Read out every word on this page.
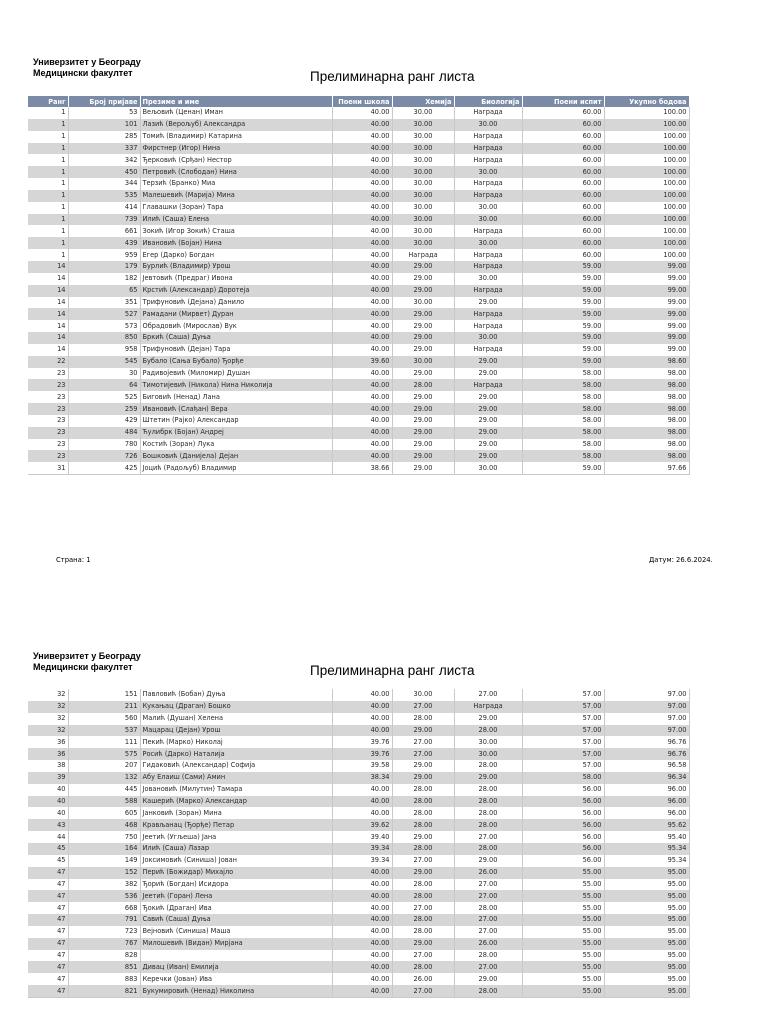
Универзитет у Београду
Медицински факултет	Прелиминарна ранг листа
Ранг	Број пријаве	Презиме и име	Поени школа	Хемија	Биологија	Поени испит	Укупно бодова
1	53	Вељовић (Ценан) Иман	40.00	30.00	Награда	60.00	100.00
1	101	Лазић (Верољуб) Александра	40.00	30.00	30.00	60.00	100.00
1	285	Томић (Владимир) Катарина	40.00	30.00	Награда	60.00	100.00
1	337	Фирстнер (Игор) Нина	40.00	30.00	Награда	60.00	100.00
1	342	Ђерковић (Срђан) Нестор	40.00	30.00	Награда	60.00	100.00
1	450	Петровић (Слободан) Нина	40.00	30.00	30.00	60.00	100.00
1	344	Терзић (Бранко) Миа	40.00	30.00	Награда	60.00	100.00
1	535	Малешевић (Марија) Мина	40.00	30.00	Награда	60.00	100.00
1	414	Главашки (Зоран) Тара	40.00	30.00	30.00	60.00	100.00
1	739	Илић (Саша) Елена	40.00	30.00	30.00	60.00	100.00
1	661	Зокић (Игор Зокић) Сташа	40.00	30.00	Награда	60.00	100.00
1	439	Ивановић (Бојан) Нина	40.00	30.00	30.00	60.00	100.00
1	959	Егер (Дарко) Богдан	40.00	Награда	Награда	60.00	100.00
14	179	Бурлић (Владимир) Урош	40.00	29.00	Награда	59.00	99.00
14	182	Јевтовић (Предраг) Ивона	40.00	29.00	30.00	59.00	99.00
14	65	Крстић (Александар) Доротеја	40.00	29.00	Награда	59.00	99.00
14	351	Трифуновић (Дејана) Данило	40.00	30.00	29.00	59.00	99.00
14	527	Рамадани (Мирвет) Дуран	40.00	29.00	Награда	59.00	99.00
14	573	Обрадовић (Мирослав) Вук	40.00	29.00	Награда	59.00	99.00
14	850	Бркић (Саша) Дуња	40.00	29.00	30.00	59.00	99.00
14	958	Трифуновић (Дејан) Тара	40.00	29.00	Награда	59.00	99.00
22	545	Бубало (Сања Бубало) Ђорђе	39.60	30.00	29.00	59.00	98.60
23	30	Радивојевић (Миломир) Душан	40.00	29.00	29.00	58.00	98.00
23	64	Тимотијевић (Никола) Нина Николија	40.00	28.00	Награда	58.00	98.00
23	525	Биговић (Ненад) Лана	40.00	29.00	29.00	58.00	98.00
23	259	Ивановић (Слађан) Вера	40.00	29.00	29.00	58.00	98.00
23	429	Штетин (Рајко) Александар	40.00	29.00	29.00	58.00	98.00
23	484	Ћулибрк (Бојан) Андреј	40.00	29.00	29.00	58.00	98.00
23	780	Костић (Зоран) Лука	40.00	29.00	29.00	58.00	98.00
23	726	Бошковић (Данијела) Дејан	40.00	29.00	29.00	58.00	98.00
31	425	Јоцић (Радољуб) Владимир	38.66	29.00	30.00	59.00	97.66
Страна: 1	Датум: 26.6.2024.
Универзитет у Београду
Медицински факултет	Прелиминарна ранг листа
32	151	Павловић (Бобан) Дуња	40.00	30.00	27.00	57.00	97.00
32	211	Кукањац (Драган) Бошко	40.00	27.00	Награда	57.00	97.00
32	560	Малић (Душан) Хелена	40.00	28.00	29.00	57.00	97.00
32	537	Мацарац (Дејан) Урош	40.00	29.00	28.00	57.00	97.00
36	111	Пекић (Марко) Николај	39.76	27.00	30.00	57.00	96.76
36	575	Росић (Дарко) Наталија	39.76	27.00	30.00	57.00	96.76
38	207	Гидаковић (Александар) Софија	39.58	29.00	28.00	57.00	96.58
39	132	Абу Елаиш (Сами) Амин	38.34	29.00	29.00	58.00	96.34
40	445	Јовановић (Милутин) Тамара	40.00	28.00	28.00	56.00	96.00
40	588	Кашерић (Марко) Александар	40.00	28.00	28.00	56.00	96.00
40	605	Јанковић (Зоран) Мина	40.00	28.00	28.00	56.00	96.00
43	468	Крављанац (Ђорђе) Петар	39.62	28.00	28.00	56.00	95.62
44	750	Јеетић (Угљеша) Јана	39.40	29.00	27.00	56.00	95.40
45	164	Илић (Саша) Лазар	39.34	28.00	28.00	56.00	95.34
45	149	Јоксимовић (Синиша) Јован	39.34	27.00	29.00	56.00	95.34
47	152	Перић (Божидар) Михајло	40.00	29.00	26.00	55.00	95.00
47	382	Ђорић (Богдан) Исидора	40.00	28.00	27.00	55.00	95.00
47	536	Јеетић (Горан) Лена	40.00	28.00	27.00	55.00	95.00
47	668	Ђокић (Драган) Ива	40.00	27.00	28.00	55.00	95.00
47	791	Савић (Саша) Дуња	40.00	28.00	27.00	55.00	95.00
47	723	Вејновић (Синиша) Маша	40.00	28.00	27.00	55.00	95.00
47	767	Милошевић (Видан) Мирјана	40.00	29.00	26.00	55.00	95.00
47	828		40.00	27.00	28.00	55.00	95.00
47	851	Дивац (Иван) Емилија	40.00	28.00	27.00	55.00	95.00
47	883	Керечки (Јован) Ива	40.00	26.00	29.00	55.00	95.00
47	821	Букумировић (Ненад) Николина	40.00	27.00	28.00	55.00	95.00
